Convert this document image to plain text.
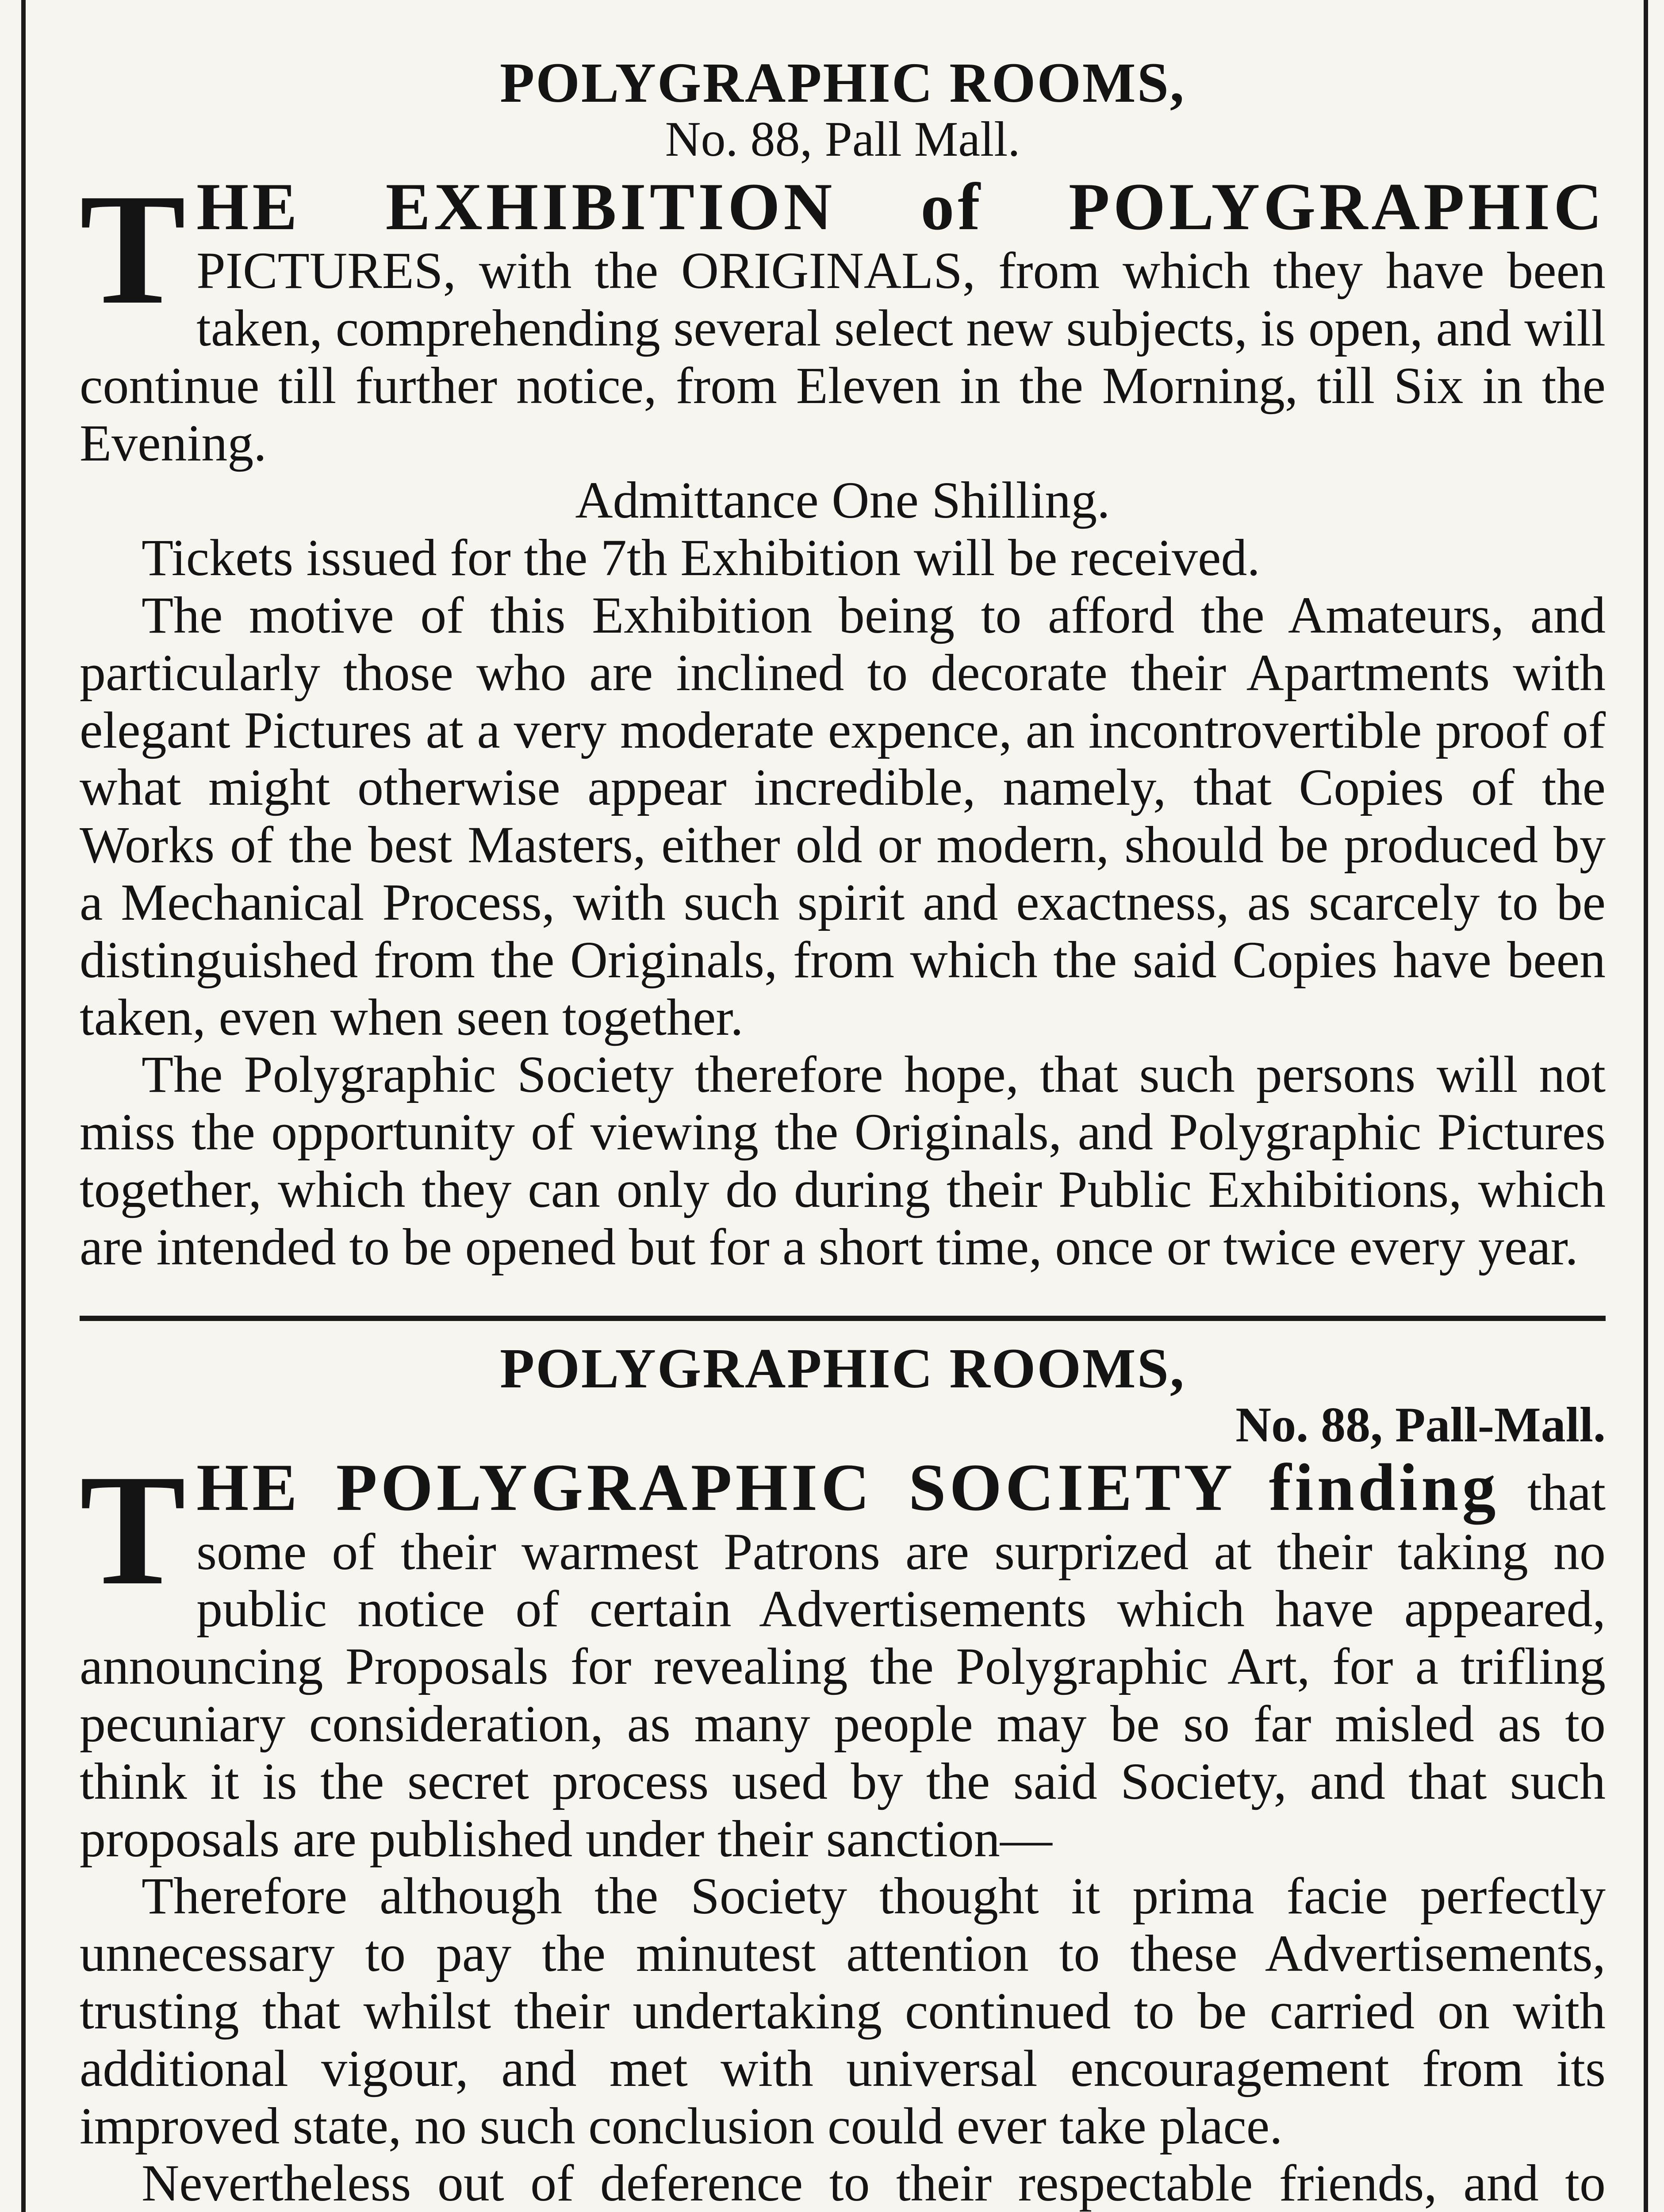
POLYGRAPHIC ROOMS,

No. 88, Pall Mall.

T HE EXHIBITION of POLYGRAPHIC PICTURES, with the ORIGINALS, from which they have been taken, comprehending several select new subjects, is open, and will continue till further notice, from Eleven in the Morning, till Six in the Evening.

Admittance One Shilling.

Tickets issued for the 7th Exhibition will be received.

The motive of this Exhibition being to afford the Amateurs, and particularly those who are inclined to decorate their Apartments with elegant Pictures at a very moderate expence, an incontrovertible proof of what might otherwise appear incredible, namely, that Copies of the Works of the best Masters, either old or modern, should be produced by a Mechanical Process, with such spirit and exactness, as scarcely to be distinguished from the Originals, from which the said Copies have been taken, even when seen together.

The Polygraphic Society therefore hope, that such persons will not miss the opportunity of viewing the Originals, and Polygraphic Pictures together, which they can only do during their Public Exhibitions, which are intended to be opened but for a short time, once or twice every year.

POLYGRAPHIC ROOMS,

No. 88, Pall-Mall.

T HE POLYGRAPHIC SOCIETY finding that some of their warmest Patrons are surprized at their taking no public notice of certain Advertisements which have appeared, announcing Proposals for revealing the Polygraphic Art, for a trifling pecuniary consideration, as many people may be so far misled as to think it is the secret process used by the said Society, and that such proposals are published under their sanction—

Therefore although the Society thought it prima facie perfectly unnecessary to pay the minutest attention to these Advertisements, trusting that whilst their undertaking continued to be carried on with additional vigour, and met with universal encouragement from its improved state, no such conclusion could ever take place.

Nevertheless out of deference to their respectable friends, and to
